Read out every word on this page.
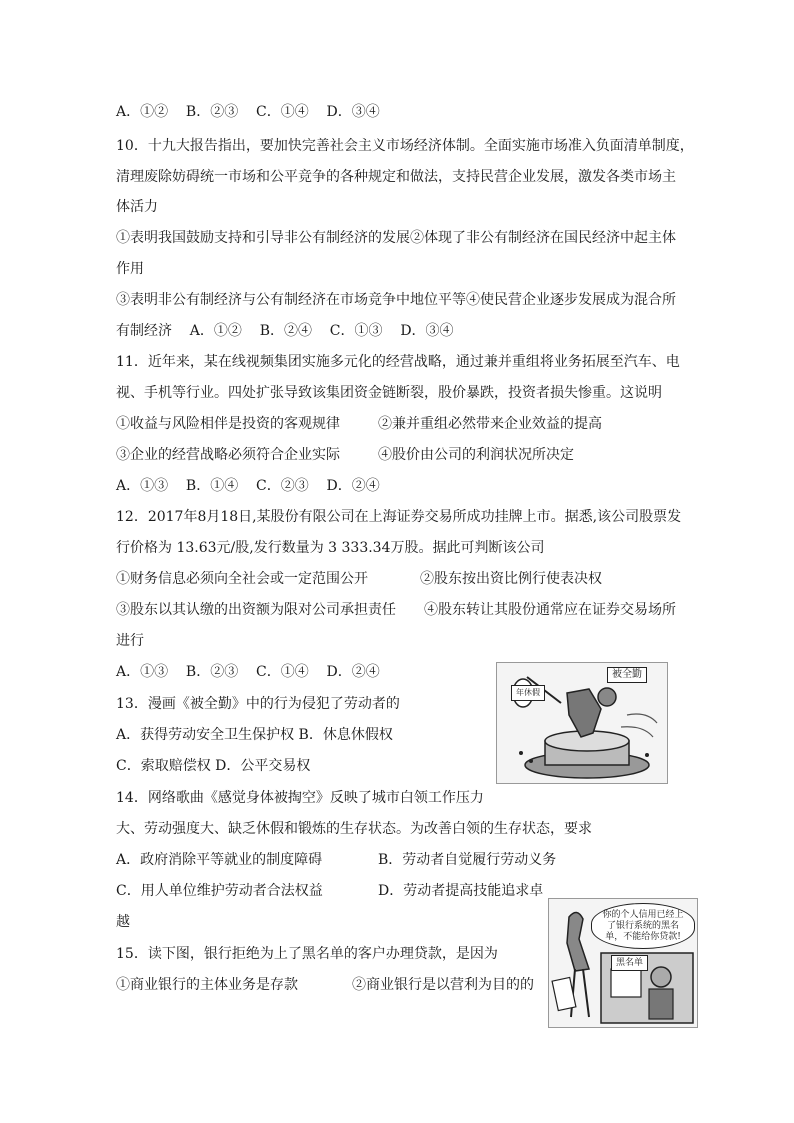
A．①②    B．②③    C．①④    D．③④
10．十九大报告指出，要加快完善社会主义市场经济体制。全面实施市场准入负面清单制度，
清理废除妨碍统一市场和公平竞争的各种规定和做法，支持民营企业发展，激发各类市场主
体活力
①表明我国鼓励支持和引导非公有制经济的发展②体现了非公有制经济在国民经济中起主体
作用
③表明非公有制经济与公有制经济在市场竞争中地位平等④使民营企业逐步发展成为混合所
有制经济    A．①②    B．②④    C．①③    D．③④
11．近年来，某在线视频集团实施多元化的经营战略，通过兼并重组将业务拓展至汽车、电
视、手机等行业。四处扩张导致该集团资金链断裂，股价暴跌，投资者损失惨重。这说明
①收益与风险相伴是投资的客观规律	②兼并重组必然带来企业效益的提高
③企业的经营战略必须符合企业实际	④股价由公司的利润状况所决定
A．①③    B．①④    C．②③    D．②④
12．2017年8月18日,某股份有限公司在上海证券交易所成功挂牌上市。据悉,该公司股票发
行价格为 13.63元/股,发行数量为 3 333.34万股。据此可判断该公司
①财务信息必须向全社会或一定范围公开	②股东按出资比例行使表决权
③股东以其认缴的出资额为限对公司承担责任 ④股东转让其股份通常应在证券交易场所
进行
A．①③    B．②③    C．①④    D．②④
13．漫画《被全勤》中的行为侵犯了劳动者的
A．获得劳动安全卫生保护权 B．休息休假权
C．索取赔偿权 D．公平交易权
被全勤
年休假
14．网络歌曲《感觉身体被掏空》反映了城市白领工作压力
大、劳动强度大、缺乏休假和锻炼的生存状态。为改善白领的生存状态，要求
A．政府消除平等就业的制度障碍	B．劳动者自觉履行劳动义务
C．用人单位维护劳动者合法权益	D．劳动者提高技能追求卓
越
15．读下图，银行拒绝为上了黑名单的客户办理贷款，是因为
①商业银行的主体业务是存款	②商业银行是以营利为目的的
你的个人信用已经上了银行系统的黑名单，不能给你贷款!
黑名单
